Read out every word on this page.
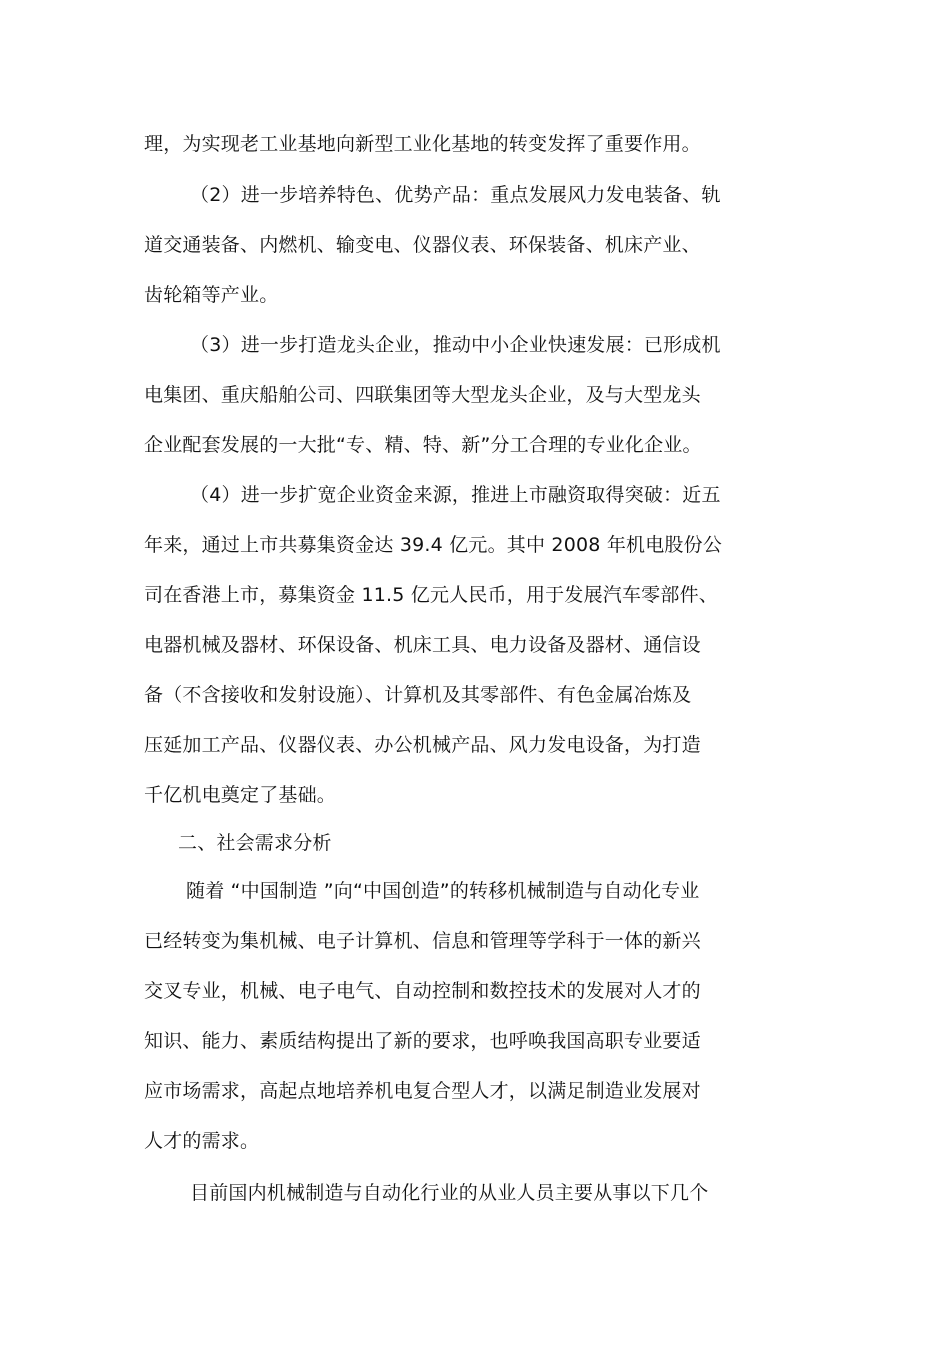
理，为实现老工业基地向新型工业化基地的转变发挥了重要作用。
（2）进一步培养特色、优势产品：重点发展风力发电装备、轨
道交通装备、内燃机、输变电、仪器仪表、环保装备、机床产业、
齿轮箱等产业。
（3）进一步打造龙头企业，推动中小企业快速发展：已形成机
电集团、重庆船舶公司、四联集团等大型龙头企业，及与大型龙头
企业配套发展的一大批“专、精、特、新”分工合理的专业化企业。
（4）进一步扩宽企业资金来源，推进上市融资取得突破：近五
年来，通过上市共募集资金达 39.4 亿元。其中 2008 年机电股份公
司在香港上市，募集资金 11.5 亿元人民币，用于发展汽车零部件、
电器机械及器材、环保设备、机床工具、电力设备及器材、通信设
备（不含接收和发射设施）、计算机及其零部件、有色金属冶炼及
压延加工产品、仪器仪表、办公机械产品、风力发电设备，为打造
千亿机电奠定了基础。
二、社会需求分析
随着 “中国制造 ”向“中国创造”的转移机械制造与自动化专业
已经转变为集机械、电子计算机、信息和管理等学科于一体的新兴
交叉专业，机械、电子电气、自动控制和数控技术的发展对人才的
知识、能力、素质结构提出了新的要求，也呼唤我国高职专业要适
应市场需求，高起点地培养机电复合型人才，以满足制造业发展对
人才的需求。
目前国内机械制造与自动化行业的从业人员主要从事以下几个
